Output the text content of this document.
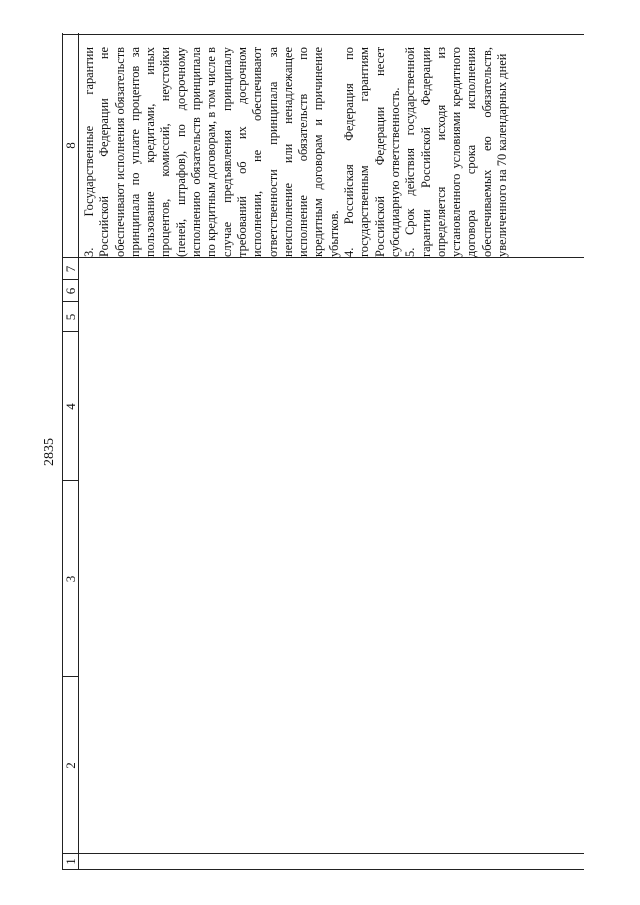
2835
1
2
3
4
5
6
7
8 3. Государственные гарантии Российской Федерации не обеспечивают исполнения обязательств принципала по уплате процентов за пользование кредитами, иных процентов, комиссий, неустойки (пеней, штрафов), по досрочному исполнению обязательств принципала по кредитным договорам, в том числе в случае предъявления принципалу требований об их досрочном исполнении, не обеспечивают ответственности принципала за неисполнение или ненадлежащее исполнение обязательств по кредитным договорам и причинение убытков. 4. Российская Федерация по государственным гарантиям Российской Федерации несет субсидиарную ответственность. 5. Срок действия государственной гарантии Российской Федерации определяется исходя из установленного условиями кредитного договора срока исполнения обеспечиваемых ею обязательств, увеличенного на 70 календарных дней
